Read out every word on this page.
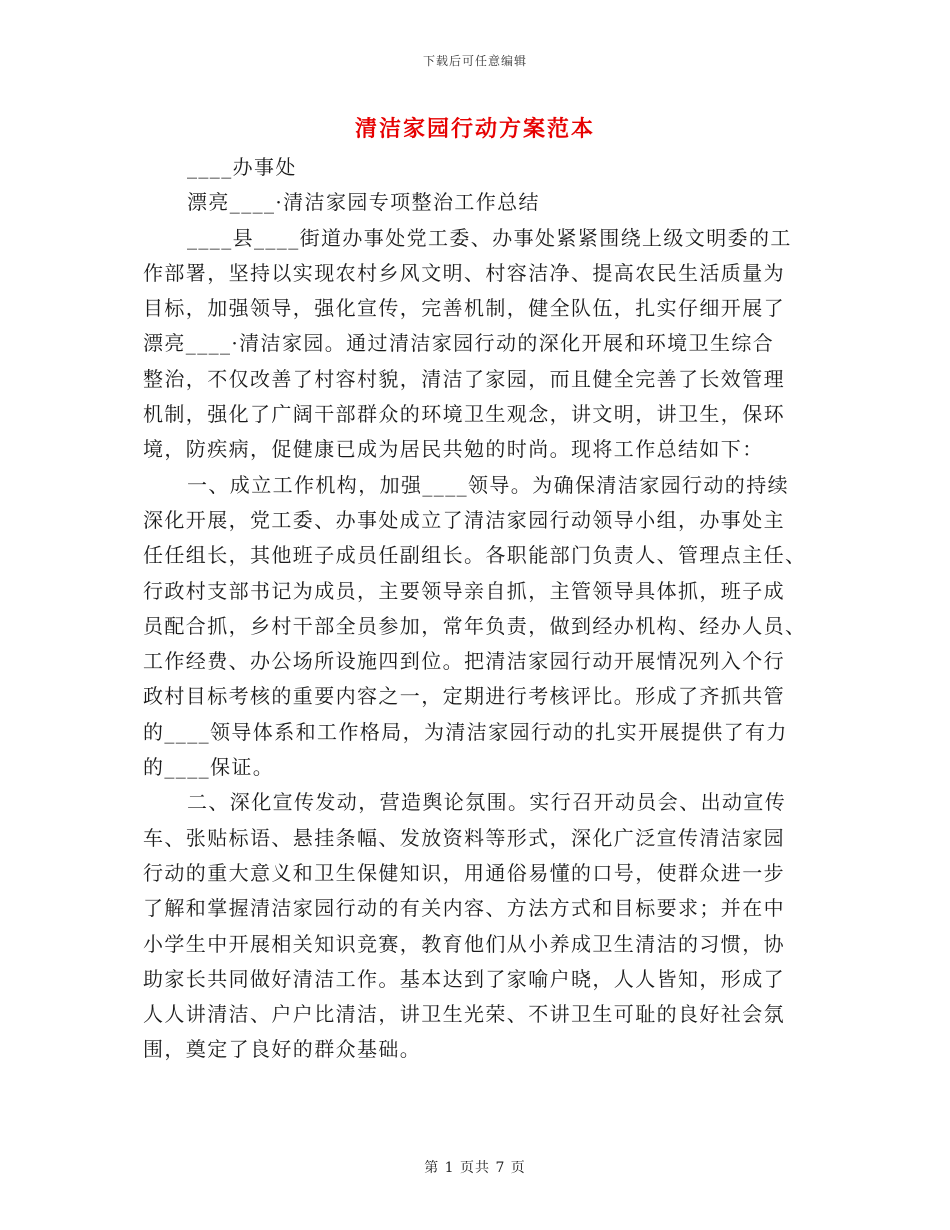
下载后可任意编辑
清洁家园行动方案范本
____办事处
漂亮____·清洁家园专项整治工作总结
____县____街道办事处党工委、办事处紧紧围绕上级文明委的工
作部署，坚持以实现农村乡风文明、村容洁净、提高农民生活质量为
目标，加强领导，强化宣传，完善机制，健全队伍，扎实仔细开展了
漂亮____·清洁家园。通过清洁家园行动的深化开展和环境卫生综合
整治，不仅改善了村容村貌，清洁了家园，而且健全完善了长效管理
机制，强化了广阔干部群众的环境卫生观念，讲文明，讲卫生，保环
境，防疾病，促健康已成为居民共勉的时尚。现将工作总结如下：
一、成立工作机构，加强____领导。为确保清洁家园行动的持续
深化开展，党工委、办事处成立了清洁家园行动领导小组，办事处主
任任组长，其他班子成员任副组长。各职能部门负责人、管理点主任、
行政村支部书记为成员，主要领导亲自抓，主管领导具体抓，班子成
员配合抓，乡村干部全员参加，常年负责，做到经办机构、经办人员、
工作经费、办公场所设施四到位。把清洁家园行动开展情况列入个行
政村目标考核的重要内容之一，定期进行考核评比。形成了齐抓共管
的____领导体系和工作格局，为清洁家园行动的扎实开展提供了有力
的____保证。
二、深化宣传发动，营造舆论氛围。实行召开动员会、出动宣传
车、张贴标语、悬挂条幅、发放资料等形式，深化广泛宣传清洁家园
行动的重大意义和卫生保健知识，用通俗易懂的口号，使群众进一步
了解和掌握清洁家园行动的有关内容、方法方式和目标要求；并在中
小学生中开展相关知识竞赛，教育他们从小养成卫生清洁的习惯，协
助家长共同做好清洁工作。基本达到了家喻户晓，人人皆知，形成了
人人讲清洁、户户比清洁，讲卫生光荣、不讲卫生可耻的良好社会氛
围，奠定了良好的群众基础。
第 1 页共 7 页
